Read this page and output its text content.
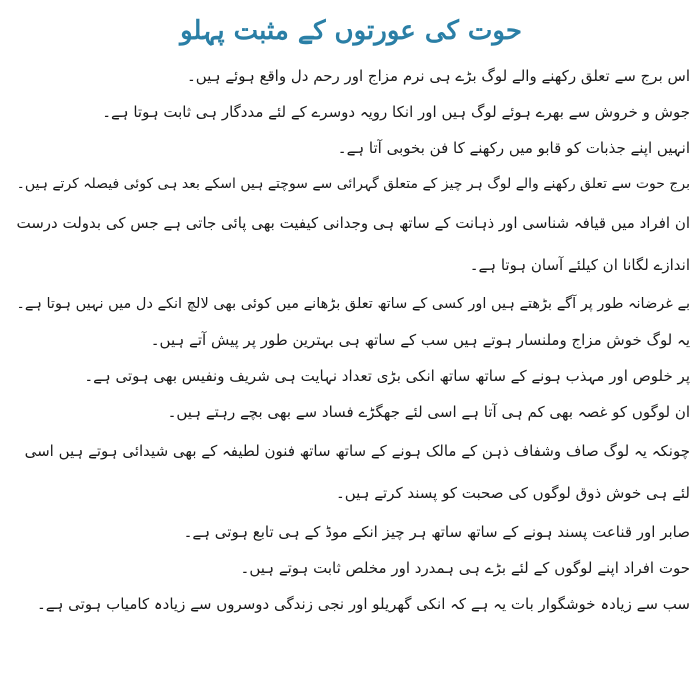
حوت کی عورتوں کے مثبت پہلو

اس برج سے تعلق رکھنے والے لوگ بڑے ہی نرم مزاج اور رحم دل واقع ہوئے ہیں۔

جوش و خروش سے بھرے ہوئے لوگ ہیں اور انکا رویہ دوسرے کے لئے مددگار ہی ثابت ہوتا ہے۔

انہیں اپنے جذبات کو قابو میں رکھنے کا فن بخوبی آتا ہے۔

برج حوت سے تعلق رکھنے والے لوگ ہر چیز کے متعلق گہرائی سے سوچتے ہیں اسکے بعد ہی کوئی فیصلہ کرتے ہیں۔

ان افراد میں قیافہ شناسی اور ذہانت کے ساتھ ہی وجدانی کیفیت بھی پائی جاتی ہے جس کی بدولت درست اندازے لگانا ان کیلئے آسان ہوتا ہے۔

بے غرضانہ طور پر آگے بڑھتے ہیں اور کسی کے ساتھ تعلق بڑھانے میں کوئی بھی لالچ انکے دل میں نہیں ہوتا ہے۔

یہ لوگ خوش مزاج وملنسار ہوتے ہیں سب کے ساتھ ہی بہترین طور پر پیش آتے ہیں۔

پر خلوص اور مہذب ہونے کے ساتھ ساتھ انکی بڑی تعداد نہایت ہی شریف ونفیس بھی ہوتی ہے۔

ان لوگوں کو غصہ بھی کم ہی آتا ہے اسی لئے جھگڑے فساد سے بھی بچے رہتے ہیں۔

چونکہ یہ لوگ صاف وشفاف ذہن کے مالک ہونے کے ساتھ ساتھ فنون لطیفہ کے بھی شیدائی ہوتے ہیں اسی لئے ہی خوش ذوق لوگوں کی صحبت کو پسند کرتے ہیں۔

صابر اور قناعت پسند ہونے کے ساتھ ساتھ ہر چیز انکے موڈ کے ہی تابع ہوتی ہے۔

حوت افراد اپنے لوگوں کے لئے بڑے ہی ہمدرد اور مخلص ثابت ہوتے ہیں۔

سب سے زیادہ خوشگوار بات یہ ہے کہ انکی گھریلو اور نجی زندگی دوسروں سے زیادہ کامیاب ہوتی ہے۔
